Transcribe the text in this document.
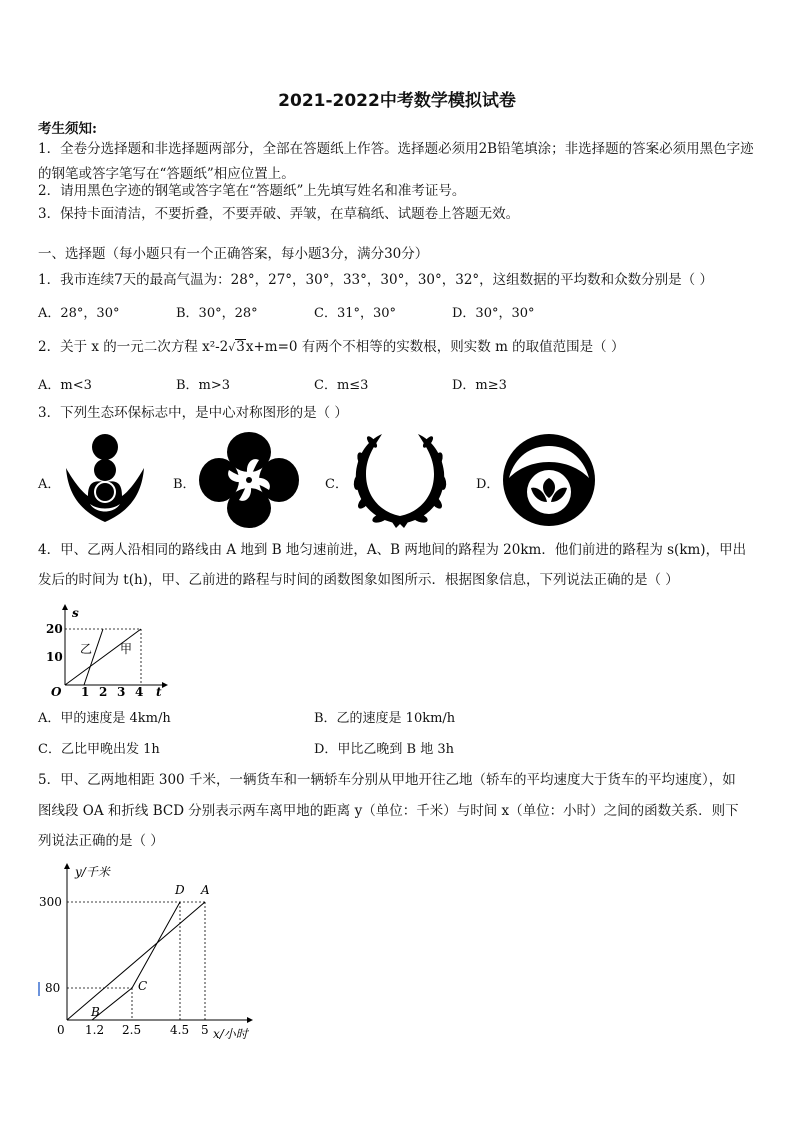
2021-2022中考数学模拟试卷
考生须知:
1．全卷分选择题和非选择题两部分，全部在答题纸上作答。选择题必须用2B铅笔填涂；非选择题的答案必须用黑色字迹的钢笔或答字笔写在“答题纸”相应位置上。
2．请用黑色字迹的钢笔或答字笔在“答题纸”上先填写姓名和准考证号。
3．保持卡面清洁，不要折叠，不要弄破、弄皱，在草稿纸、试题卷上答题无效。
一、选择题（每小题只有一个正确答案，每小题3分，满分30分）
1．我市连续7天的最高气温为：28°，27°，30°，33°，30°，30°，32°，这组数据的平均数和众数分别是（ ）
A．28°，30°	B．30°，28°	C．31°，30°	D．30°，30°
2．关于 x 的一元二次方程 x²-2√3x+m=0 有两个不相等的实数根，则实数 m 的取值范围是（ ）
A．m<3	B．m>3	C．m≤3	D．m≥3
3．下列生态环保标志中，是中心对称图形的是（ ）
A．	B．	C．	D．
4．甲、乙两人沿相同的路线由 A 地到 B 地匀速前进，A、B 两地间的路程为 20km．他们前进的路程为 s(km)，甲出
发后的时间为 t(h)，甲、乙前进的路程与时间的函数图象如图所示．根据图象信息，下列说法正确的是（ ）
s
t
O
20
10
1 2 3 4
乙 甲
A．甲的速度是 4km/h	B．乙的速度是 10km/h
C．乙比甲晚出发 1h	D．甲比乙晚到 B 地 3h
5．甲、乙两地相距 300 千米，一辆货车和一辆轿车分别从甲地开往乙地（轿车的平均速度大于货车的平均速度），如
图线段 OA 和折线 BCD 分别表示两车离甲地的距离 y（单位：千米）与时间 x（单位：小时）之间的函数关系．则下
列说法正确的是（ ）
y/千米
x/小时
300
80
0 1.2 2.5 4.5 5
D A
C
B
